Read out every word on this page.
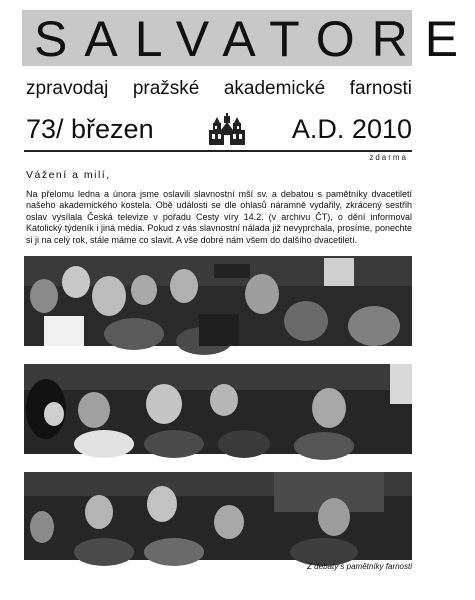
SALVATORE
zpravodaj pražské akademické farnosti
73/ březen	A.D. 2010
zdarma
Vážení a milí,
Na přelomu ledna a února jsme oslavili slavnostní mší sv. a debatou s pamětníky dvacetiletí našeho akademického kostela. Obě události se dle ohlasů náramně vydařily, zkrácený sestřih oslav vysílala Česká televize v pořadu Cesty víry 14.2. (v archivu ČT), o dění informoval Katolický týdeník i jiná média. Pokud z vás slavnostní nálada již nevyprchala, prosíme, ponechte si ji na celý rok, stále máme co slavit. A vše dobré nám všem do dalšího dvacetiletí.
Z debaty s pamětníky farnosti
